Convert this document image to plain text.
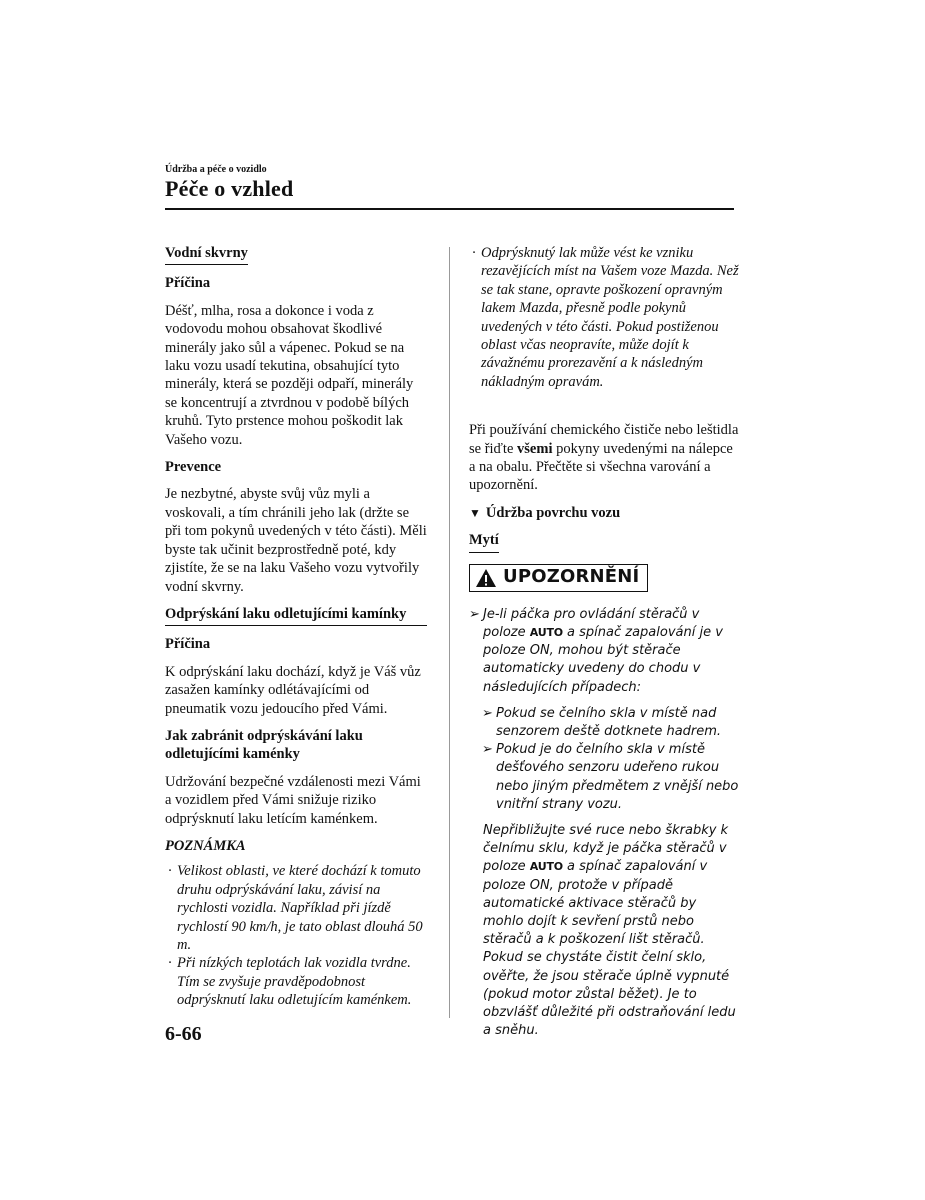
Údržba a péče o vozidlo
Péče o vzhled
Vodní skvrny
Příčina

Déšť, mlha, rosa a dokonce i voda z vodovodu mohou obsahovat škodlivé minerály jako sůl a vápenec. Pokud se na laku vozu usadí tekutina, obsahující tyto minerály, která se později odpaří, minerály se koncentrují a ztvrdnou v podobě bílých kruhů. Tyto prstence mohou poškodit lak Vašeho vozu.

Prevence

Je nezbytné, abyste svůj vůz myli a voskovali, a tím chránili jeho lak (držte se při tom pokynů uvedených v této části). Měli byste tak učinit bezprostředně poté, kdy zjistíte, že se na laku Vašeho vozu vytvořily vodní skvrny.

Odprýskání laku odletujícími kamínky
Příčina

K odprýskání laku dochází, když je Váš vůz zasažen kamínky odlétávajícími od pneumatik vozu jedoucího před Vámi.

Jak zabránit odprýskávání laku odletujícími kaménky

Udržování bezpečné vzdálenosti mezi Vámi a vozidlem před Vámi snižuje riziko odprýsknutí laku letícím kaménkem.

POZNÁMKA
· Velikost oblasti, ve které dochází k tomuto druhu odprýskávání laku, závisí na rychlosti vozidla. Například při jízdě rychlostí 90 km/h, je tato oblast dlouhá 50 m.
· Při nízkých teplotách lak vozidla tvrdne. Tím se zvyšuje pravděpodobnost odprýsknutí laku odletujícím kaménkem.
· Odprýsknutý lak může vést ke vzniku rezavějících míst na Vašem voze Mazda. Než se tak stane, opravte poškození opravným lakem Mazda, přesně podle pokynů uvedených v této části. Pokud postiženou oblast včas neopravíte, může dojít k závažnému prorezavění a k následným nákladným opravám.

Při používání chemického čističe nebo leštidla se řiďte všemi pokyny uvedenými na nálepce a na obalu. Přečtěte si všechna varování a upozornění.

▼ Údržba povrchu vozu
Mytí
UPOZORNĚNÍ
➢ Je-li páčka pro ovládání stěračů v poloze AUTO a spínač zapalování je v poloze ON, mohou být stěrače automaticky uvedeny do chodu v následujících případech:
➢ Pokud se čelního skla v místě nad senzorem deště dotknete hadrem.
➢ Pokud je do čelního skla v místě dešťového senzoru udeřeno rukou nebo jiným předmětem z vnější nebo vnitřní strany vozu.
Nepřibližujte své ruce nebo škrabky k čelnímu sklu, když je páčka stěračů v poloze AUTO a spínač zapalování v poloze ON, protože v případě automatické aktivace stěračů by mohlo dojít k sevření prstů nebo stěračů a k poškození lišt stěračů.
Pokud se chystáte čistit čelní sklo, ověřte, že jsou stěrače úplně vypnuté (pokud motor zůstal běžet). Je to obzvlášť důležité při odstraňování ledu a sněhu.
6-66
